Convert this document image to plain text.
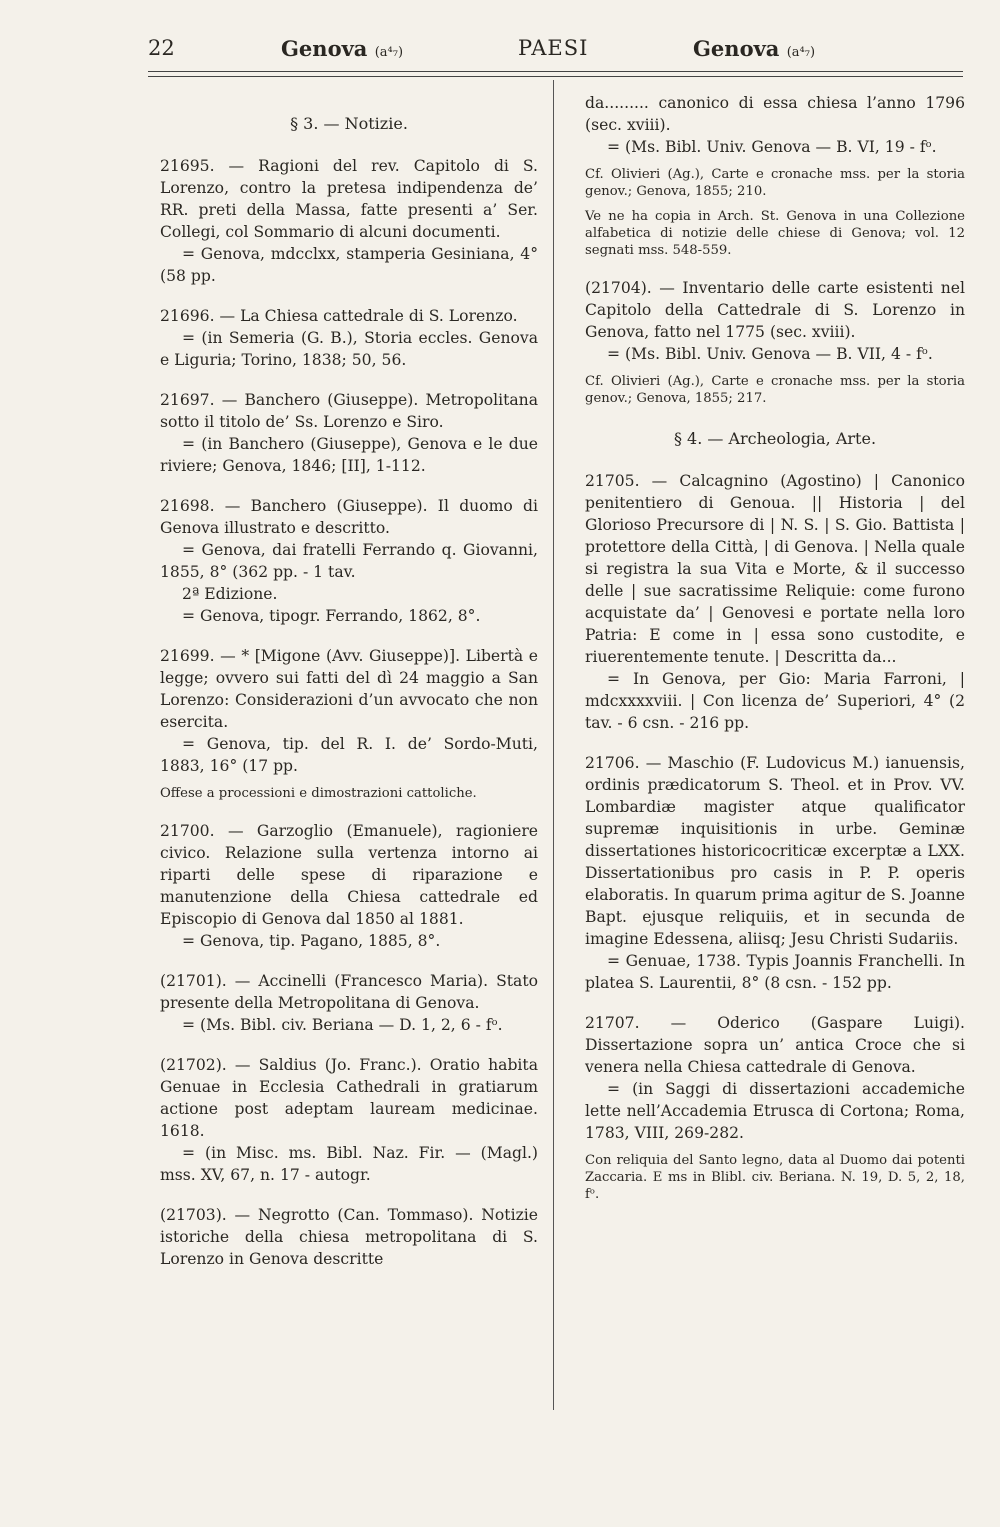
22	Genova (a⁴₇)	PAESI	Genova (a⁴₇)
§ 3. — Notizie.

21695. — Ragioni del rev. Capitolo di S. Lorenzo, contro la pretesa indipendenza de’ RR. preti della Massa, fatte presenti a’ Ser. Collegi, col Sommario di alcuni documenti.

= Genova, mdcclxx, stamperia Gesiniana, 4° (58 pp.

21696. — La Chiesa cattedrale di S. Lorenzo.

= (in Semeria (G. B.), Storia eccles. Genova e Liguria; Torino, 1838; 50, 56.

21697. — Banchero (Giuseppe). Metropolitana sotto il titolo de’ Ss. Lorenzo e Siro.

= (in Banchero (Giuseppe), Genova e le due riviere; Genova, 1846; [II], 1-112.

21698. — Banchero (Giuseppe). Il duomo di Genova illustrato e descritto.

= Genova, dai fratelli Ferrando q. Giovanni, 1855, 8° (362 pp. - 1 tav.

2ª Edizione.

= Genova, tipogr. Ferrando, 1862, 8°.

21699. — * [Migone (Avv. Giuseppe)]. Libertà e legge; ovvero sui fatti del dì 24 maggio a San Lorenzo: Considerazioni d’un avvocato che non esercita.

= Genova, tip. del R. I. de’ Sordo-Muti, 1883, 16° (17 pp.

Offese a processioni e dimostrazioni cattoliche.

21700. — Garzoglio (Emanuele), ragioniere civico. Relazione sulla vertenza intorno ai riparti delle spese di riparazione e manutenzione della Chiesa cattedrale ed Episcopio di Genova dal 1850 al 1881.

= Genova, tip. Pagano, 1885, 8°.

(21701). — Accinelli (Francesco Maria). Stato presente della Metropolitana di Genova.

= (Ms. Bibl. civ. Beriana — D. 1, 2, 6 - fᵒ.

(21702). — Saldius (Jo. Franc.). Oratio habita Genuae in Ecclesia Cathedrali in gratiarum actione post adeptam lauream medicinae. 1618.

= (in Misc. ms. Bibl. Naz. Fir. — (Magl.) mss. XV, 67, n. 17 - autogr.

(21703). — Negrotto (Can. Tommaso). Notizie istoriche della chiesa metropolitana di S. Lorenzo in Genova descritte

da......... canonico di essa chiesa l’anno 1796 (sec. xviii).

= (Ms. Bibl. Univ. Genova — B. VI, 19 - fᵒ.

Cf. Olivieri (Ag.), Carte e cronache mss. per la storia genov.; Genova, 1855; 210.

Ve ne ha copia in Arch. St. Genova in una Collezione alfabetica di notizie delle chiese di Genova; vol. 12 segnati mss. 548-559.

(21704). — Inventario delle carte esistenti nel Capitolo della Cattedrale di S. Lorenzo in Genova, fatto nel 1775 (sec. xviii).

= (Ms. Bibl. Univ. Genova — B. VII, 4 - fᵒ.

Cf. Olivieri (Ag.), Carte e cronache mss. per la storia genov.; Genova, 1855; 217.

§ 4. — Archeologia, Arte.

21705. — Calcagnino (Agostino) | Canonico penitentiero di Genoua. || Historia | del Glorioso Precursore di | N. S. | S. Gio. Battista | protettore della Città, | di Genova. | Nella quale si registra la sua Vita e Morte, & il successo delle | sue sacratissime Reliquie: come furono acquistate da’ | Genovesi e portate nella loro Patria: E come in | essa sono custodite, e riuerentemente tenute. | Descritta da...

= In Genova, per Gio: Maria Farroni, | mdcxxxxviii. | Con licenza de’ Superiori, 4° (2 tav. - 6 csn. - 216 pp.

21706. — Maschio (F. Ludovicus M.) ianuensis, ordinis prædicatorum S. Theol. et in Prov. VV. Lombardiæ magister atque qualificator supremæ inquisitionis in urbe. Geminæ dissertationes historicocriticæ excerptæ a LXX. Dissertationibus pro casis in P. P. operis elaboratis. In quarum prima agitur de S. Joanne Bapt. ejusque reliquiis, et in secunda de imagine Edessena, aliisq; Jesu Christi Sudariis.

= Genuae, 1738. Typis Joannis Franchelli. In platea S. Laurentii, 8° (8 csn. - 152 pp.

21707. — Oderico (Gaspare Luigi). Dissertazione sopra un’ antica Croce che si venera nella Chiesa cattedrale di Genova.

= (in Saggi di dissertazioni accademiche lette nell’Accademia Etrusca di Cortona; Roma, 1783, VIII, 269-282.

Con reliquia del Santo legno, data al Duomo dai potenti Zaccaria. E ms in Blibl. civ. Beriana. N. 19, D. 5, 2, 18, fᵒ.
